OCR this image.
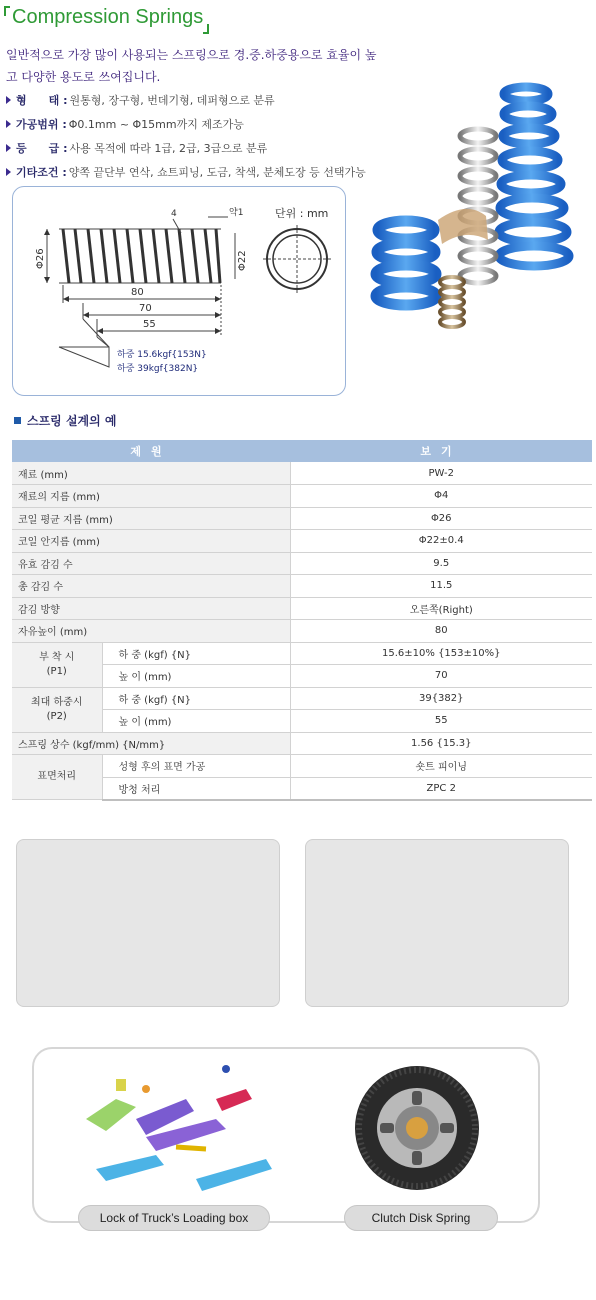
Compression Springs
일반적으로 가장 많이 사용되는 스프링으로 경.중.하중용으로 효율이 높고 다양한 용도로 쓰여집니다.
형　　태 : 원통형, 장구형, 번데기형, 데퍼형으로 분류
가공범위 : Φ0.1mm ~ Φ15mm까지 제조가능
등　　급 : 사용 목적에 따라 1급, 2급, 3급으로 분류
기타조건 : 양쪽 끝단부 연삭, 쇼트피닝, 도금, 착색, 분체도장 등 선택가능
Φ26	Φ22
4	약1	단위 : mm
80
70
55
하중 15.6kgf{153N}
하중 39kgf{382N}
스프링 설계의 예
제원		보기
재료 (mm)		PW-2
재료의 지름 (mm)		Φ4
코일 평균 지름 (mm)		Φ26
코일 안지름 (mm)		Φ22±0.4
유효 감김 수		9.5
총 감김 수		11.5
감김 방향		오른쪽(Right)
자유높이 (mm)		80
부 착 시
(P1)	하 중 (kgf) {N}	15.6±10% {153±10%}
	높 이 (mm)	70
최대 하중시
(P2)	하 중 (kgf) {N}	39{382}
	높 이 (mm)	55
스프링 상수 (kgf/mm) {N/mm}		1.56 {15.3}
표면처리	성형 후의 표면 가공	숏트 피이닝
	방청 처리	ZPC 2
Lock of Truck’s Loading box	Clutch Disk Spring
